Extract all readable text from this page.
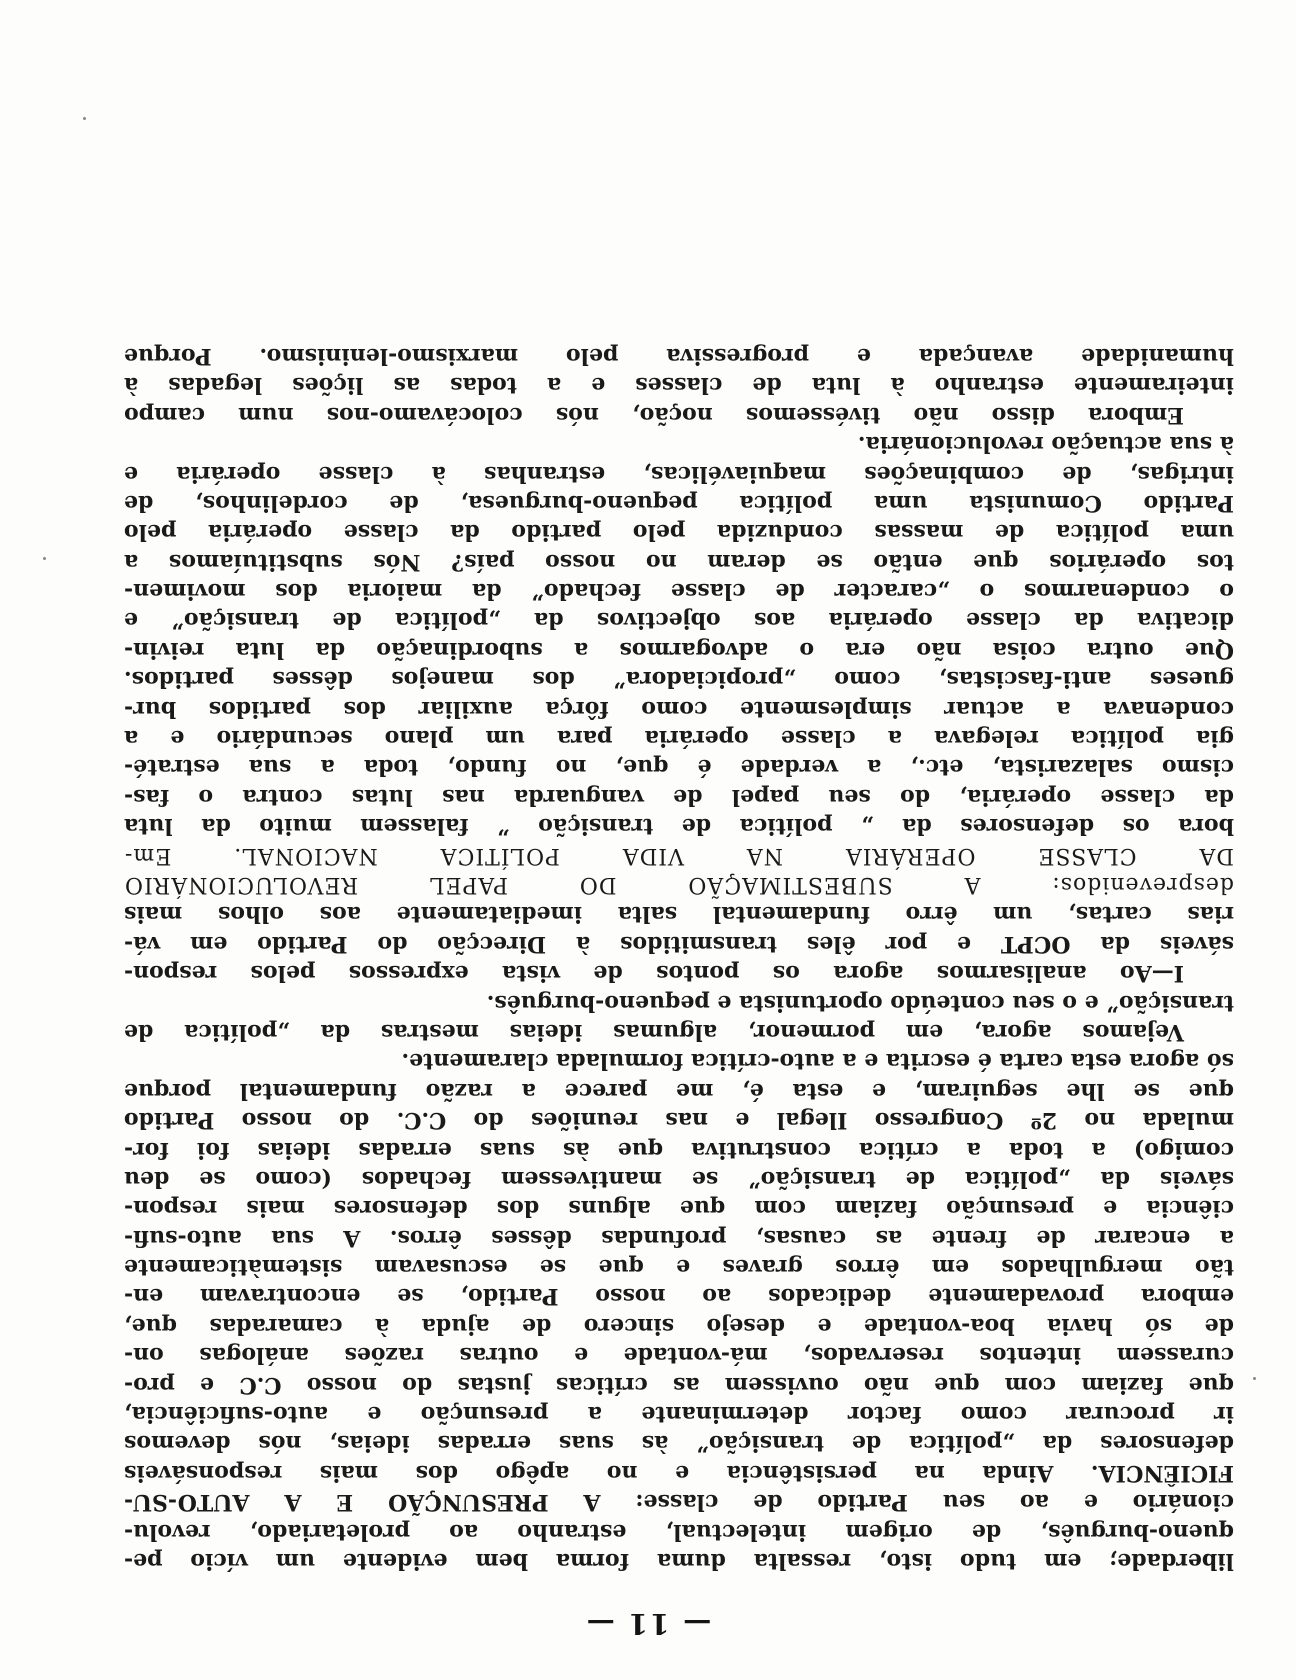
— 11 —
liberdade; em tudo isto, ressalta duma forma bem evidente um vício pe-
queno-burguês, de origem intelectual, estranho ao proletariado, revolu-
cionário e ao seu Partido de classe: A PRESUNÇÃO E A AUTO-SU-
FICIÊNCIA. Ainda na persistência e no apêgo dos mais responsáveis
defensores da „política de transição” às suas erradas ideias, nós devemos
ir procurar como factor determinante a presunção e auto-suficiência,
que faziam com que não ouvissem as críticas justas do nosso C.C e pro-
curassem intentos reservados, má-vontade e outras razões análogas on-
de só havia boa-vontade e desejo sincero de ajuda à camaradas que,
embora provadamente dedicados ao nosso Partido, se encontravam en-
tão mergulhados em êrros graves e que se escusavam sistemàticamente
a encarar de frente as causas, profundas dêsses êrros. A sua auto-sufi-
ciência e presunção faziam com que alguns dos defensores mais respon-
sáveis da „política de transição” se mantivessem fechados (como se deu
comigo) a toda a crítica construtiva que às suas erradas ideias foi for-
mulada no 2º Congresso Ilegal e nas reuniões do C.C. do nosso Partido
que se lhe seguiram, e esta é, me parece a razão fundamental porque
só agora esta carta é escrita e a auto-crítica formulada claramente.
Vejamos agora, em pormenor, algumas ideias mestras da „política de
transição” e o seu conteúdo oportunista e pequeno-burguês.
I—Ao analisarmos agora os pontos de vista expressos pelos respon-
sáveis da OCPT e por êles transmitidos à Direcção do Partido em vá-
rias cartas, um êrro fundamental salta imediatamente aos olhos mais
desprevenidos: A SUBESTIMAÇÃO DO PAPEL REVOLUCIONÁRIO
DA CLASSE OPERÁRIA NA VIDA POLÍTICA NACIONAL. Em-
bora os defensores da „ política de transição ” falassem muito da luta
da classe operária, do seu papel de vanguarda nas lutas contra o fas-
cismo salazarista, etc., a verdade é que, no fundo, toda a sua estraté-
gia política relegava a classe operária para um plano secundário e a
condenava a actuar simplesmente como fôrça auxiliar dos partidos bur-
gueses anti-fascistas, como „propiciadora” dos manejos dêsses partidos.
Que outra coisa não era o advogarmos a subordinação da luta reivin-
dicativa da classe operária aos objectivos da „política de transição” e
o condenarmos o „caracter de classe fechado” da maioria dos movimen-
tos operários que então se deram no nosso país? Nós substituíamos a
uma política de massas conduzida pelo partido da classe operária pelo
Partido Comunista uma política pequeno-burguesa, de cordelinhos, de
intrigas, de combinações maquiavélicas, estranhas à classe operária e
à sua actuação revolucionária.
Embora disso não tivéssemos noção, nós colocávamo-nos num campo
inteiramente estranho à luta de classes e a todas as lições legadas à
humanidade avançada e progressiva pelo marxismo-leninismo. Porque
